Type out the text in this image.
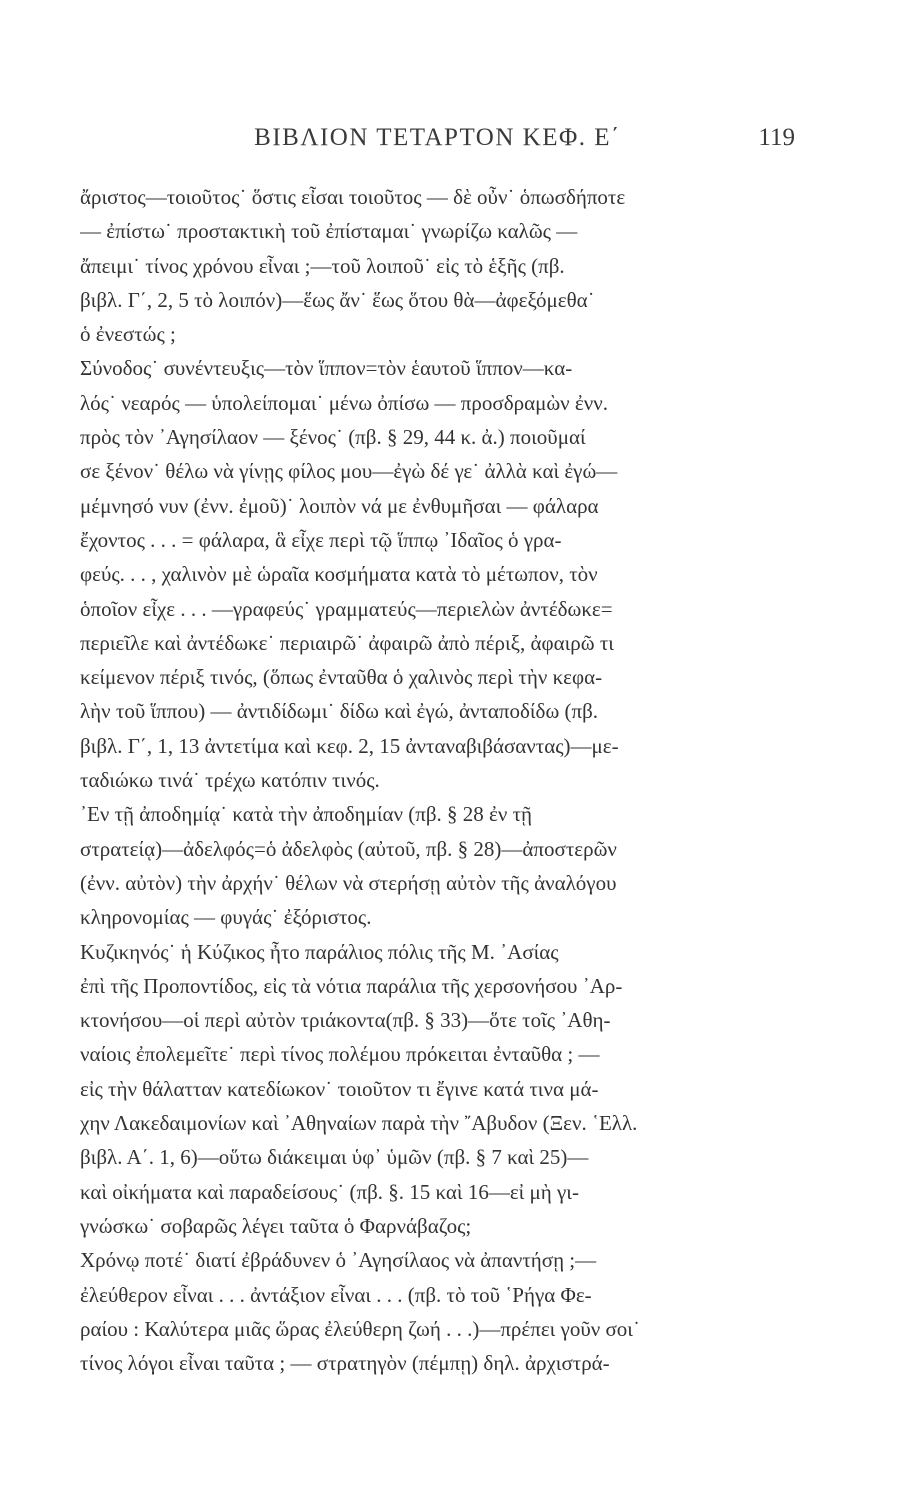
ΒΙΒΛΙΟΝ ΤΕΤΑΡΤΟΝ ΚΕΦ. Ε΄	119
ἄριστος—τοιοῦτος˙ ὅστις εἶσαι τοιοῦτος — δὲ οὖν˙ ὁπωσδήποτε
— ἐπίστω˙ προστακτικὴ τοῦ ἐπίσταμαι˙ γνωρίζω καλῶς —
ἄπειμι˙ τίνος χρόνου εἶναι ;—τοῦ λοιποῦ˙ εἰς τὸ ἑξῆς (πβ.
βιβλ. Γ΄, 2, 5 τὸ λοιπόν)—ἕως ἄν˙ ἕως ὅτου θὰ—ἀφεξόμεθα˙
ὁ ἐνεστώς ;
Σύνοδος˙ συνέντευξις—τὸν ἵππον=τὸν ἑαυτοῦ ἵππον—κα-
λός˙ νεαρός — ὑπολείπομαι˙ μένω ὀπίσω — προσδραμὼν ἐνν.
πρὸς τὸν ᾿Αγησίλαον — ξένος˙ (πβ. § 29, 44 κ. ἀ.) ποιοῦμαί
σε ξένον˙ θέλω νὰ γίνῃς φίλος μου—ἐγὼ δέ γε˙ ἀλλὰ καὶ ἐγώ—
μέμνησό νυν (ἐνν. ἐμοῦ)˙ λοιπὸν νά με ἐνθυμῆσαι — φάλαρα
ἔχοντος . . . = φάλαρα, ἃ εἶχε περὶ τῷ ἵππῳ ᾿Ιδαῖος ὁ γρα-
φεύς. . . , χαλινὸν μὲ ὡραῖα κοσμήματα κατὰ τὸ μέτωπον, τὸν
ὁποῖον εἶχε . . . —γραφεύς˙ γραμματεύς—περιελὼν ἀντέδωκε=
περιεῖλε καὶ ἀντέδωκε˙ περιαιρῶ˙ ἀφαιρῶ ἀπὸ πέριξ, ἀφαιρῶ τι
κείμενον πέριξ τινός, (ὅπως ἐνταῦθα ὁ χαλινὸς περὶ τὴν κεφα-
λὴν τοῦ ἵππου) — ἀντιδίδωμι˙ δίδω καὶ ἐγώ, ἀνταποδίδω (πβ.
βιβλ. Γ΄, 1, 13 ἀντετίμα καὶ κεφ. 2, 15 ἀνταναβιβάσαντας)—με-
ταδιώκω τινά˙ τρέχω κατόπιν τινός.
᾿Εν τῇ ἀποδημίᾳ˙ κατὰ τὴν ἀποδημίαν (πβ. § 28 ἐν τῇ
στρατείᾳ)—ἀδελφός=ὁ ἀδελφὸς (αὐτοῦ, πβ. § 28)—ἀποστερῶν
(ἐνν. αὐτὸν) τὴν ἀρχήν˙ θέλων νὰ στερήσῃ αὐτὸν τῆς ἀναλόγου
κληρονομίας — φυγάς˙ ἐξόριστος.
Κυζικηνός˙ ἡ Κύζικος ἦτο παράλιος πόλις τῆς Μ. ᾿Ασίας
ἐπὶ τῆς Προποντίδος, εἰς τὰ νότια παράλια τῆς χερσονήσου ᾿Αρ-
κτονήσου—οἱ περὶ αὐτὸν τριάκοντα(πβ. § 33)—ὅτε τοῖς ᾿Αθη-
ναίοις ἐπολεμεῖτε˙ περὶ τίνος πολέμου πρόκειται ἐνταῦθα ; —
εἰς τὴν θάλατταν κατεδίωκον˙ τοιοῦτον τι ἔγινε κατά τινα μά-
χην Λακεδαιμονίων καὶ ᾿Αθηναίων παρὰ τὴν ῎Αβυδον (Ξεν. ῾Ελλ.
βιβλ. Α΄. 1, 6)—οὕτω διάκειμαι ὑφ᾿ ὑμῶν (πβ. § 7 καὶ 25)—
καὶ οἰκήματα καὶ παραδείσους˙ (πβ. §. 15 καὶ 16—εἰ μὴ γι-
γνώσκω˙ σοβαρῶς λέγει ταῦτα ὁ Φαρνάβαζος;
Χρόνῳ ποτέ˙ διατί ἐβράδυνεν ὁ ᾿Αγησίλαος νὰ ἀπαντήσῃ ;—
ἐλεύθερον εἶναι . . . ἀντάξιον εἶναι . . . (πβ. τὸ τοῦ ῾Ρήγα Φε-
ραίου : Καλύτερα μιᾶς ὥρας ἐλεύθερη ζωή . . .)—πρέπει γοῦν σοι˙
τίνος λόγοι εἶναι ταῦτα ; — στρατηγὸν (πέμπῃ) δηλ. ἀρχιστρά-
